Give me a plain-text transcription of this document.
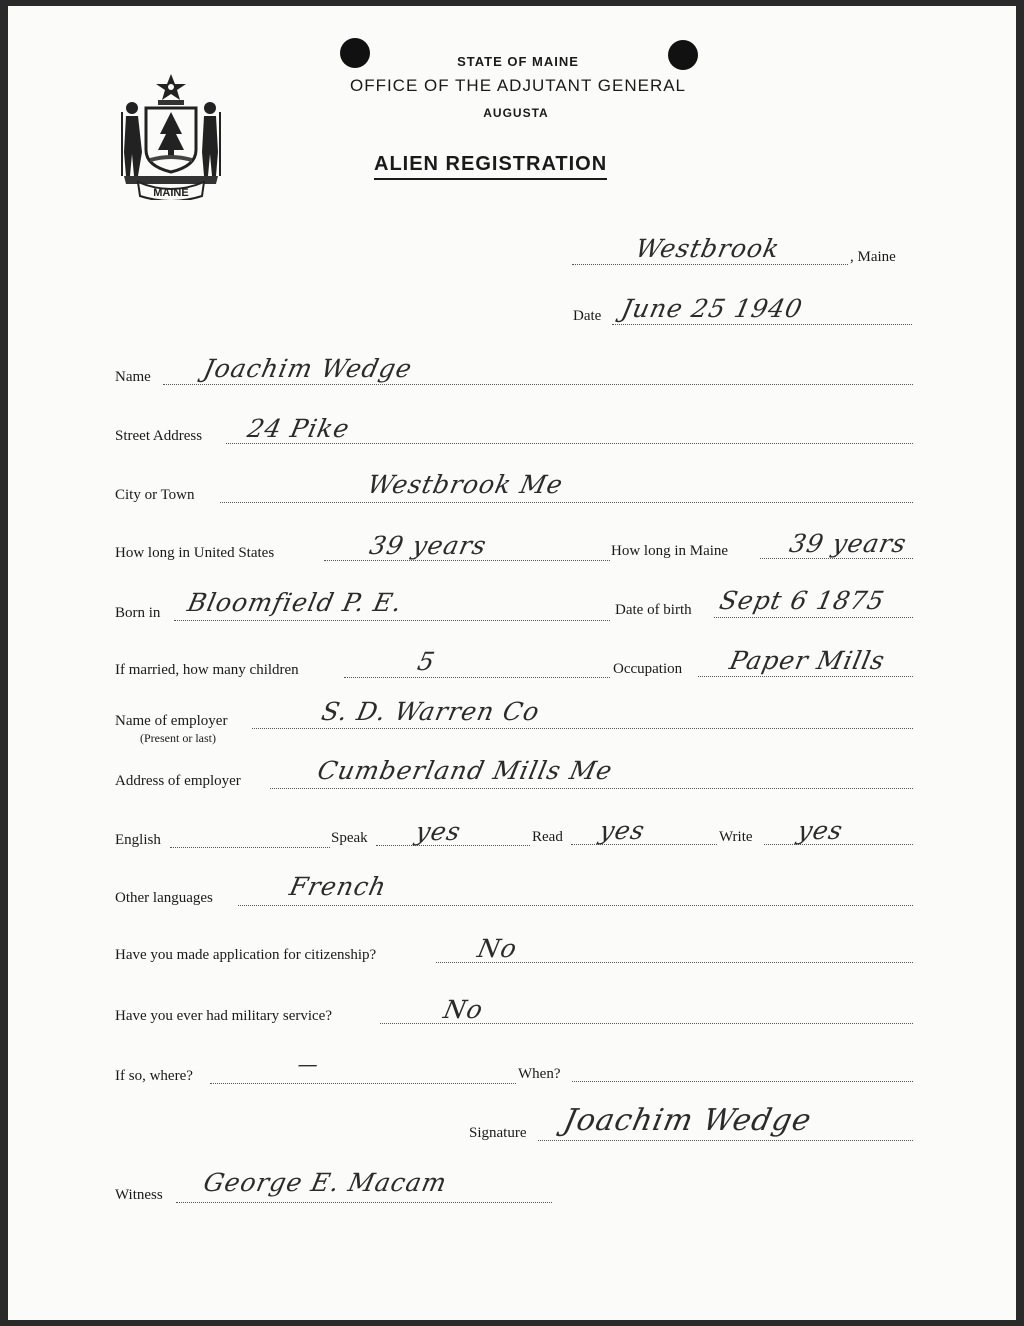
MAINE
STATE OF MAINE
OFFICE OF THE ADJUTANT GENERAL
AUGUSTA
ALIEN REGISTRATION
Westbrook	, Maine
Date June 25 1940
Name Joachim Wedge
Street Address 24 Pike
City or Town	Westbrook Me
How long in United States	39 years	How long in Maine 39 years
Born in Bloomfield P. E.	Date of birth Sept 6 1875
If married, how many children	5	Occupation Paper Mills
Name of employer
(Present or last)
S. D. Warren Co
Address of employer	Cumberland Mills Me
English	Speak yes	Read yes	Write yes
Other languages	French
Have you made application for citizenship?	No
Have you ever had military service?	No
If so, where?	—	When?
Signature Joachim Wedge
Witness George E. Macam
